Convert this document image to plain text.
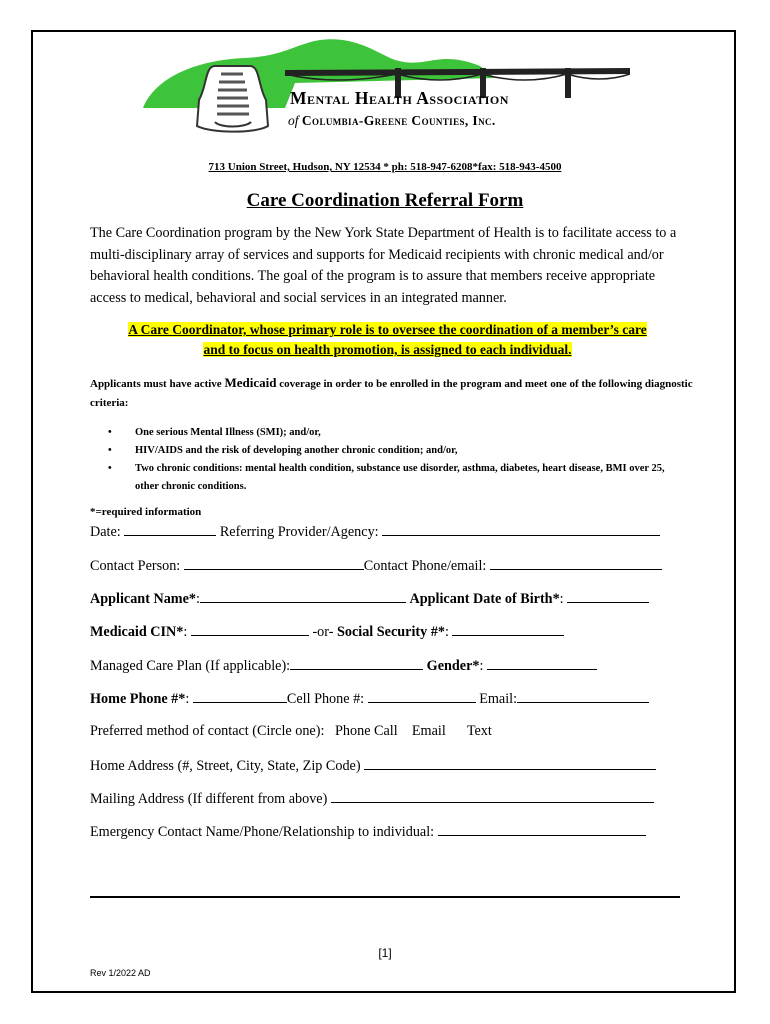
Mental Health Association
of Columbia-Greene Counties, Inc.
713 Union Street, Hudson, NY 12534 * ph: 518-947-6208*fax: 518-943-4500
Care Coordination Referral Form
The Care Coordination program by the New York State Department of Health is to facilitate access to a multi-disciplinary array of services and supports for Medicaid recipients with chronic medical and/or behavioral health conditions. The goal of the program is to assure that members receive appropriate access to medical, behavioral and social services in an integrated manner.
A Care Coordinator, whose primary role is to oversee the coordination of a member’s care
and to focus on health promotion, is assigned to each individual.
Applicants must have active Medicaid coverage in order to be enrolled in the program and meet one of the following diagnostic criteria:
• One serious Mental Illness (SMI); and/or,
• HIV/AIDS and the risk of developing another chronic condition; and/or,
• Two chronic conditions: mental health condition, substance use disorder, asthma, diabetes, heart disease, BMI over 25, other chronic conditions.
*=required information
Date:	Referring Provider/Agency:
Contact Person:	Contact Phone/email:
Applicant Name*:	Applicant Date of Birth*:
Medicaid CIN*:	-or- Social Security #*:
Managed Care Plan (If applicable):	Gender*:
Home Phone #*:	Cell Phone #:	Email:
Preferred method of contact (Circle one): Phone Call Email Text
Home Address (#, Street, City, State, Zip Code)
Mailing Address (If different from above)
Emergency Contact Name/Phone/Relationship to individual:
[1]
Rev 1/2022 AD
